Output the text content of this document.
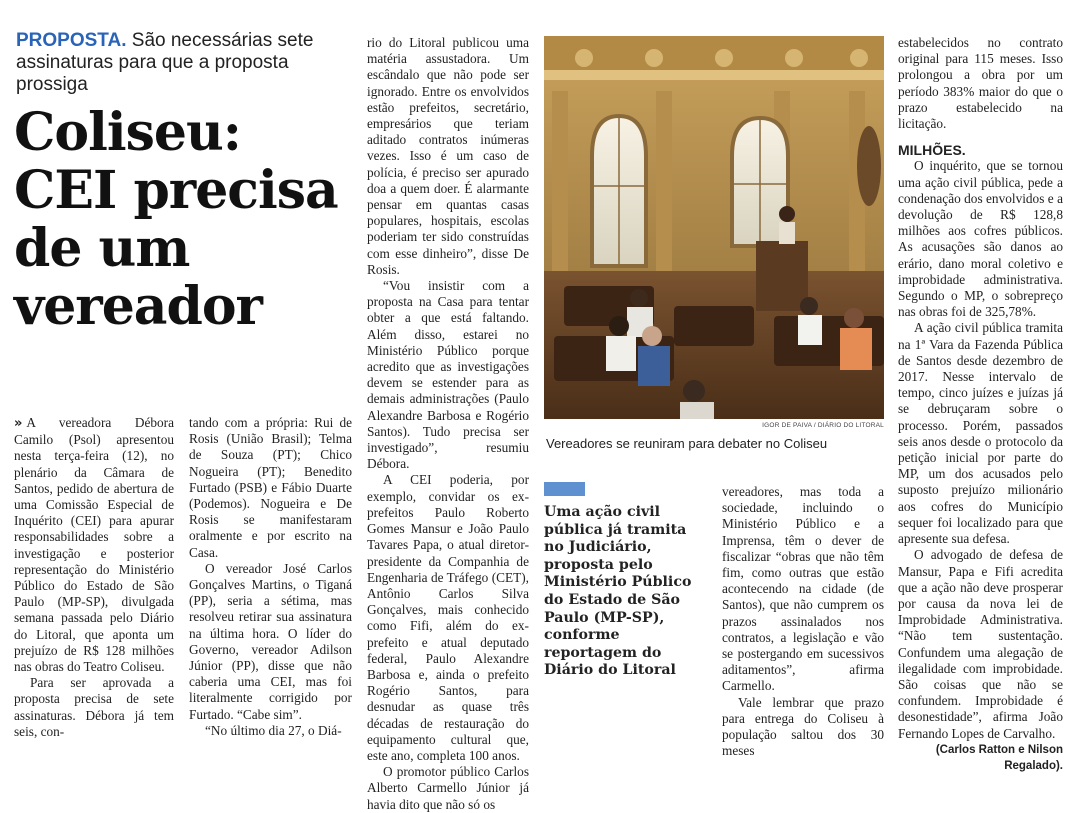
PROPOSTA. São necessárias sete assinaturas para que a proposta prossiga
Coliseu: CEI precisa de um vereador

» A vereadora Débora Camilo (Psol) apresentou nesta terça-feira (12), no plenário da Câmara de Santos, pedido de abertura de uma Comissão Especial de Inquérito (CEI) para apurar responsabilidades sobre a investigação e posterior representação do Ministério Público do Estado de São Paulo (MP-SP), divulgada semana passada pelo Diário do Litoral, que aponta um prejuízo de R$ 128 milhões nas obras do Teatro Coliseu.

Para ser aprovada a proposta precisa de sete assinaturas. Débora já tem seis, con-

tando com a própria: Rui de Rosis (União Brasil); Telma de Souza (PT); Chico Nogueira (PT); Benedito Furtado (PSB) e Fábio Duarte (Podemos). Nogueira e De Rosis se manifestaram oralmente e por escrito na Casa.

O vereador José Carlos Gonçalves Martins, o Tiganá (PP), seria a sétima, mas resolveu retirar sua assinatura na última hora. O líder do Governo, vereador Adilson Júnior (PP), disse que não caberia uma CEI, mas foi literalmente corrigido por Furtado. “Cabe sim”.

“No último dia 27, o Diá-

rio do Litoral publicou uma matéria assustadora. Um escândalo que não pode ser ignorado. Entre os envolvidos estão prefeitos, secretário, empresários que teriam aditado contratos inúmeras vezes. Isso é um caso de polícia, é preciso ser apurado doa a quem doer. É alarmante pensar em quantas casas populares, hospitais, escolas poderiam ter sido construídas com esse dinheiro”, disse De Rosis.

“Vou insistir com a proposta na Casa para tentar obter a que está faltando. Além disso, estarei no Ministério Público porque acredito que as investigações devem se estender para as demais administrações (Paulo Alexandre Barbosa e Rogério Santos). Tudo precisa ser investigado”, resumiu Débora.

A CEI poderia, por exemplo, convidar os ex-prefeitos Paulo Roberto Gomes Mansur e João Paulo Tavares Papa, o atual diretor-presidente da Companhia de Engenharia de Tráfego (CET), Antônio Carlos Silva Gonçalves, mais conhecido como Fifi, além do ex-prefeito e atual deputado federal, Paulo Alexandre Barbosa e, ainda o prefeito Rogério Santos, para desnudar as quase três décadas de restauração do equipamento cultural que, este ano, completa 100 anos.

O promotor público Carlos Alberto Carmello Júnior já havia dito que não só os

IGOR DE PAIVA / DIÁRIO DO LITORAL
Vereadores se reuniram para debater no Coliseu
Uma ação civil pública já tramita no Judiciário, proposta pelo Ministério Público do Estado de São Paulo (MP-SP), conforme reportagem do Diário do Litoral

vereadores, mas toda a sociedade, incluindo o Ministério Público e a Imprensa, têm o dever de fiscalizar “obras que não têm fim, como outras que estão acontecendo na cidade (de Santos), que não cumprem os prazos assinalados nos contratos, a legislação e vão se postergando em sucessivos aditamentos”, afirma Carmello.

Vale lembrar que prazo para entrega do Coliseu à população saltou dos 30 meses

estabelecidos no contrato original para 115 meses. Isso prolongou a obra por um período 383% maior do que o prazo estabelecido na licitação.

MILHÕES.

O inquérito, que se tornou uma ação civil pública, pede a condenação dos envolvidos e a devolução de R$ 128,8 milhões aos cofres públicos. As acusações são danos ao erário, dano moral coletivo e improbidade administrativa. Segundo o MP, o sobrepreço nas obras foi de 325,78%.

A ação civil pública tramita na 1ª Vara da Fazenda Pública de Santos desde dezembro de 2017. Nesse intervalo de tempo, cinco juízes e juízas já se debruçaram sobre o processo. Porém, passados seis anos desde o protocolo da petição inicial por parte do MP, um dos acusados pelo suposto prejuízo milionário aos cofres do Município sequer foi localizado para que apresente sua defesa.

O advogado de defesa de Mansur, Papa e Fifi acredita que a ação não deve prosperar por causa da nova lei de Improbidade Administrativa. “Não tem sustentação. Confundem uma alegação de ilegalidade com improbidade. São coisas que não se confundem. Improbidade é desonestidade”, afirma João Fernando Lopes de Carvalho.

(Carlos Ratton e Nilson Regalado).
